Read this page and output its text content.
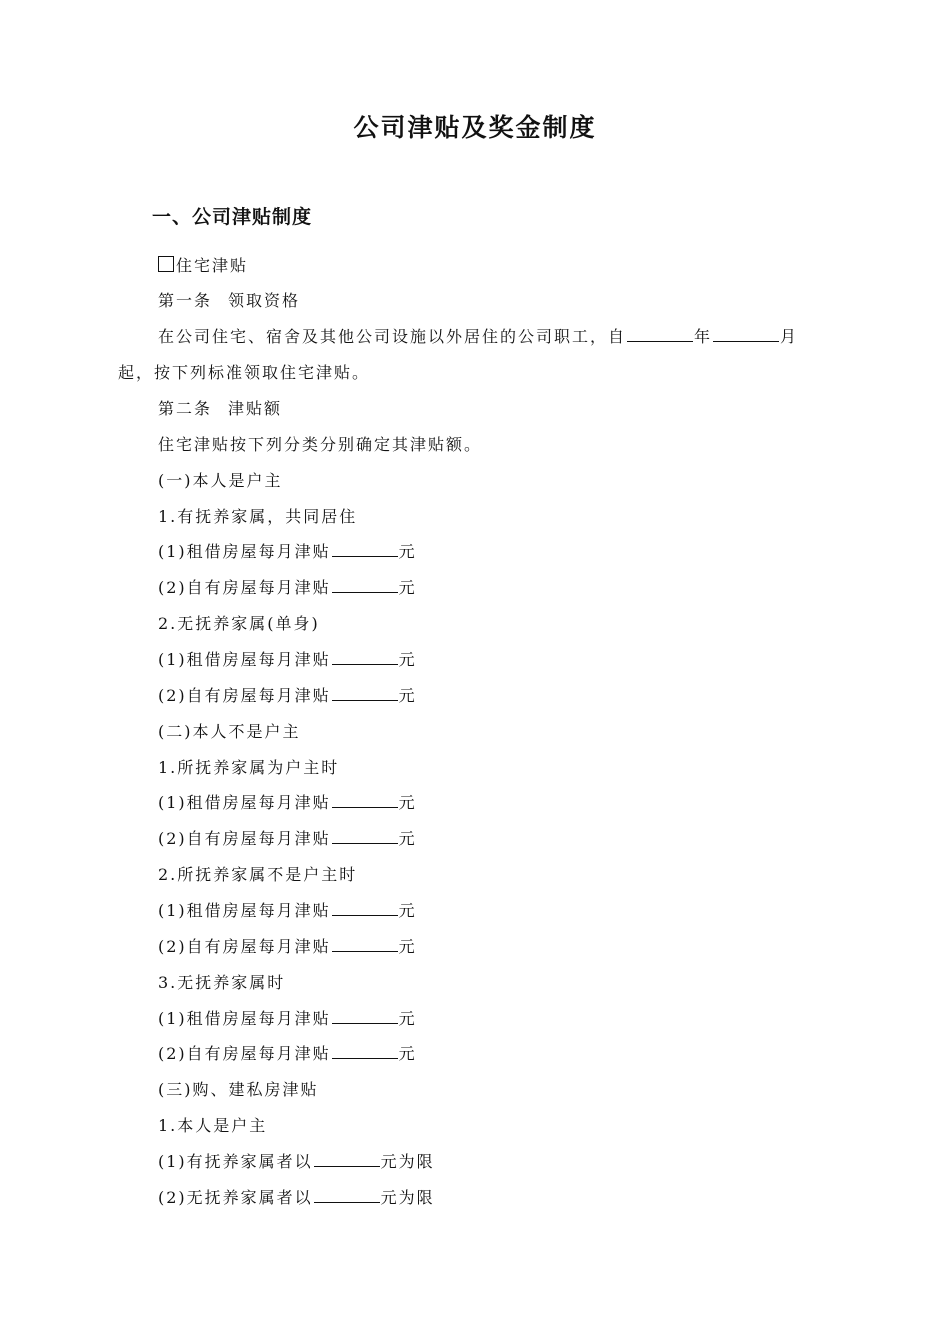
公司津贴及奖金制度
一、公司津贴制度
住宅津贴
第一条 领取资格
在公司住宅、宿舍及其他公司设施以外居住的公司职工，自	年	月
起，按下列标准领取住宅津贴。
第二条 津贴额
住宅津贴按下列分类分别确定其津贴额。
(一)本人是户主
1.有抚养家属，共同居住
(1)租借房屋每月津贴	元
(2)自有房屋每月津贴	元
2.无抚养家属(单身)
(1)租借房屋每月津贴	元
(2)自有房屋每月津贴	元
(二)本人不是户主
1.所抚养家属为户主时
(1)租借房屋每月津贴	元
(2)自有房屋每月津贴	元
2.所抚养家属不是户主时
(1)租借房屋每月津贴	元
(2)自有房屋每月津贴	元
3.无抚养家属时
(1)租借房屋每月津贴	元
(2)自有房屋每月津贴	元
(三)购、建私房津贴
1.本人是户主
(1)有抚养家属者以	元为限
(2)无抚养家属者以	元为限
